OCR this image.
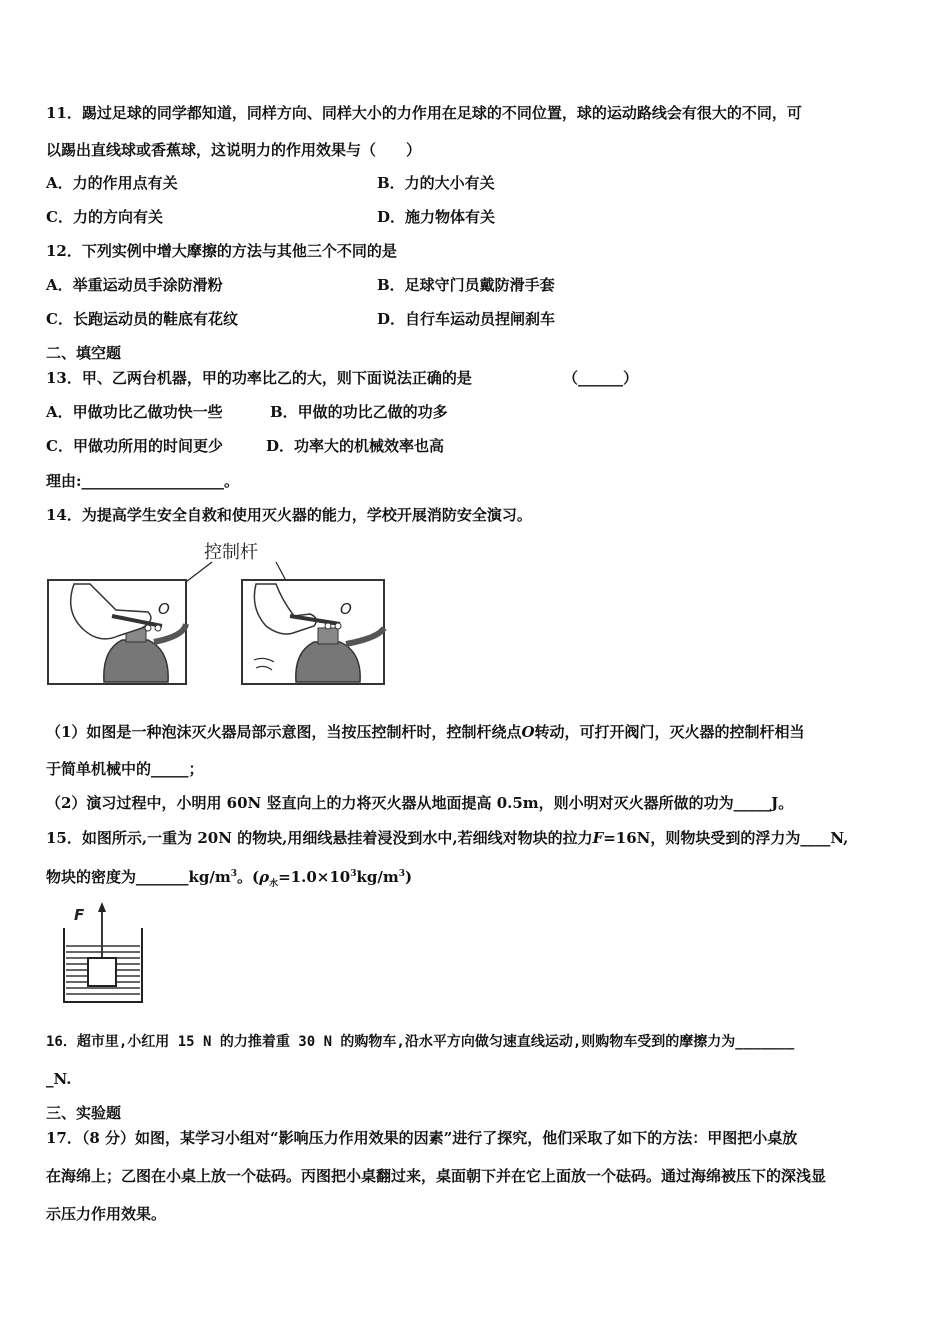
11．踢过足球的同学都知道，同样方向、同样大小的力作用在足球的不同位置，球的运动路线会有很大的不同，可
以踢出直线球或香蕉球，这说明力的作用效果与（　　）
A．力的作用点有关	B．力的大小有关
C．力的方向有关	D．施力物体有关
12．下列实例中增大摩擦的方法与其他三个不同的是
A．举重运动员手涂防滑粉	B．足球守门员戴防滑手套
C．长跑运动员的鞋底有花纹	D．自行车运动员捏闸刹车
二、填空题
13．甲、乙两台机器，甲的功率比乙的大，则下面说法正确的是	（______）
A．甲做功比乙做功快一些	B．甲做的功比乙做的功多
C．甲做功所用的时间更少	D．功率大的机械效率也高
理由:___________________。
14．为提高学生安全自救和使用灭火器的能力，学校开展消防安全演习。
控制杆
O	O
（1）如图是一种泡沫灭火器局部示意图，当按压控制杆时，控制杆绕点O转动，可打开阀门，灭火器的控制杆相当
于简单机械中的_____；
（2）演习过程中，小明用 60N 竖直向上的力将灭火器从地面提高 0.5m，则小明对灭火器所做的功为_____J。
15．如图所示,一重为 20N 的物块,用细线悬挂着浸没到水中,若细线对物块的拉力F=16N，则物块受到的浮力为____N,
物块的密度为$\_\_\_\_\_\_\_kg/m^3$。$(\rho_水=1.0\times 10^3kg/m^3)$
F
16．超市里,小红用 15 N 的力推着重 30 N 的购物车,沿水平方向做匀速直线运动,则购物车受到的摩擦力为_______
_N.
三、实验题
17．（8 分）如图，某学习小组对“影响压力作用效果的因素”进行了探究，他们采取了如下的方法：甲图把小桌放
在海绵上；乙图在小桌上放一个砝码。丙图把小桌翻过来，桌面朝下并在它上面放一个砝码。通过海绵被压下的深浅显
示压力作用效果。
